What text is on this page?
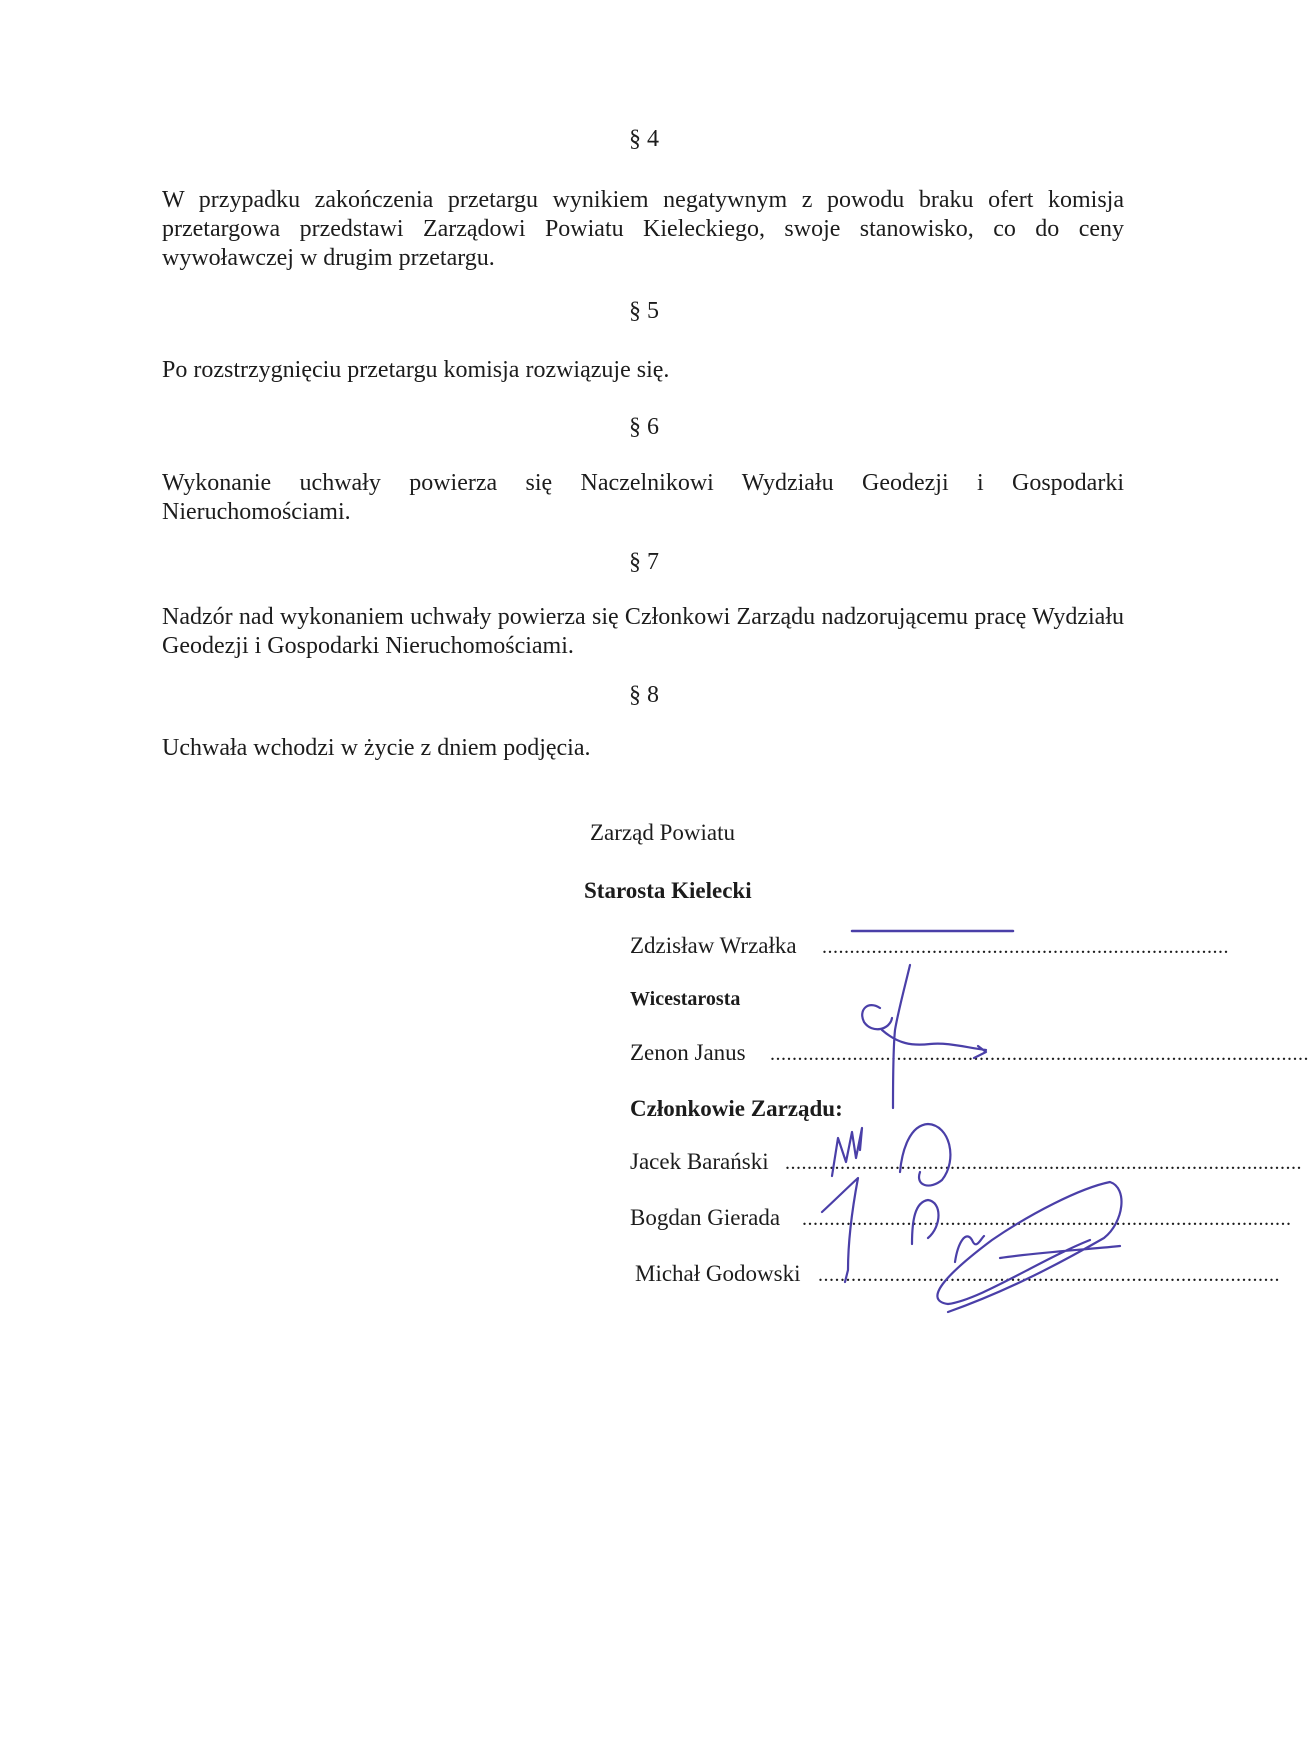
§ 4
W przypadku zakończenia przetargu wynikiem negatywnym z powodu braku ofert komisja przetargowa przedstawi Zarządowi Powiatu Kieleckiego, swoje stanowisko, co do ceny wywoławczej w drugim przetargu.
§ 5
Po rozstrzygnięciu przetargu komisja rozwiązuje się.
§ 6
Wykonanie uchwały powierza się Naczelnikowi Wydziału Geodezji i Gospodarki Nieruchomościami.
§ 7
Nadzór nad wykonaniem uchwały powierza się Członkowi Zarządu nadzorującemu pracę Wydziału Geodezji i Gospodarki Nieruchomościami.
§ 8
Uchwała wchodzi w życie z dniem podjęcia.
Zarząd Powiatu
Starosta Kielecki
Zdzisław Wrzałka ..........................................................................
Wicestarosta
Zenon Janus ..................................................................................................
Członkowie Zarządu:
Jacek Barański ..............................................................................................
Bogdan Gierada .........................................................................................
Michał Godowski ....................................................................................
